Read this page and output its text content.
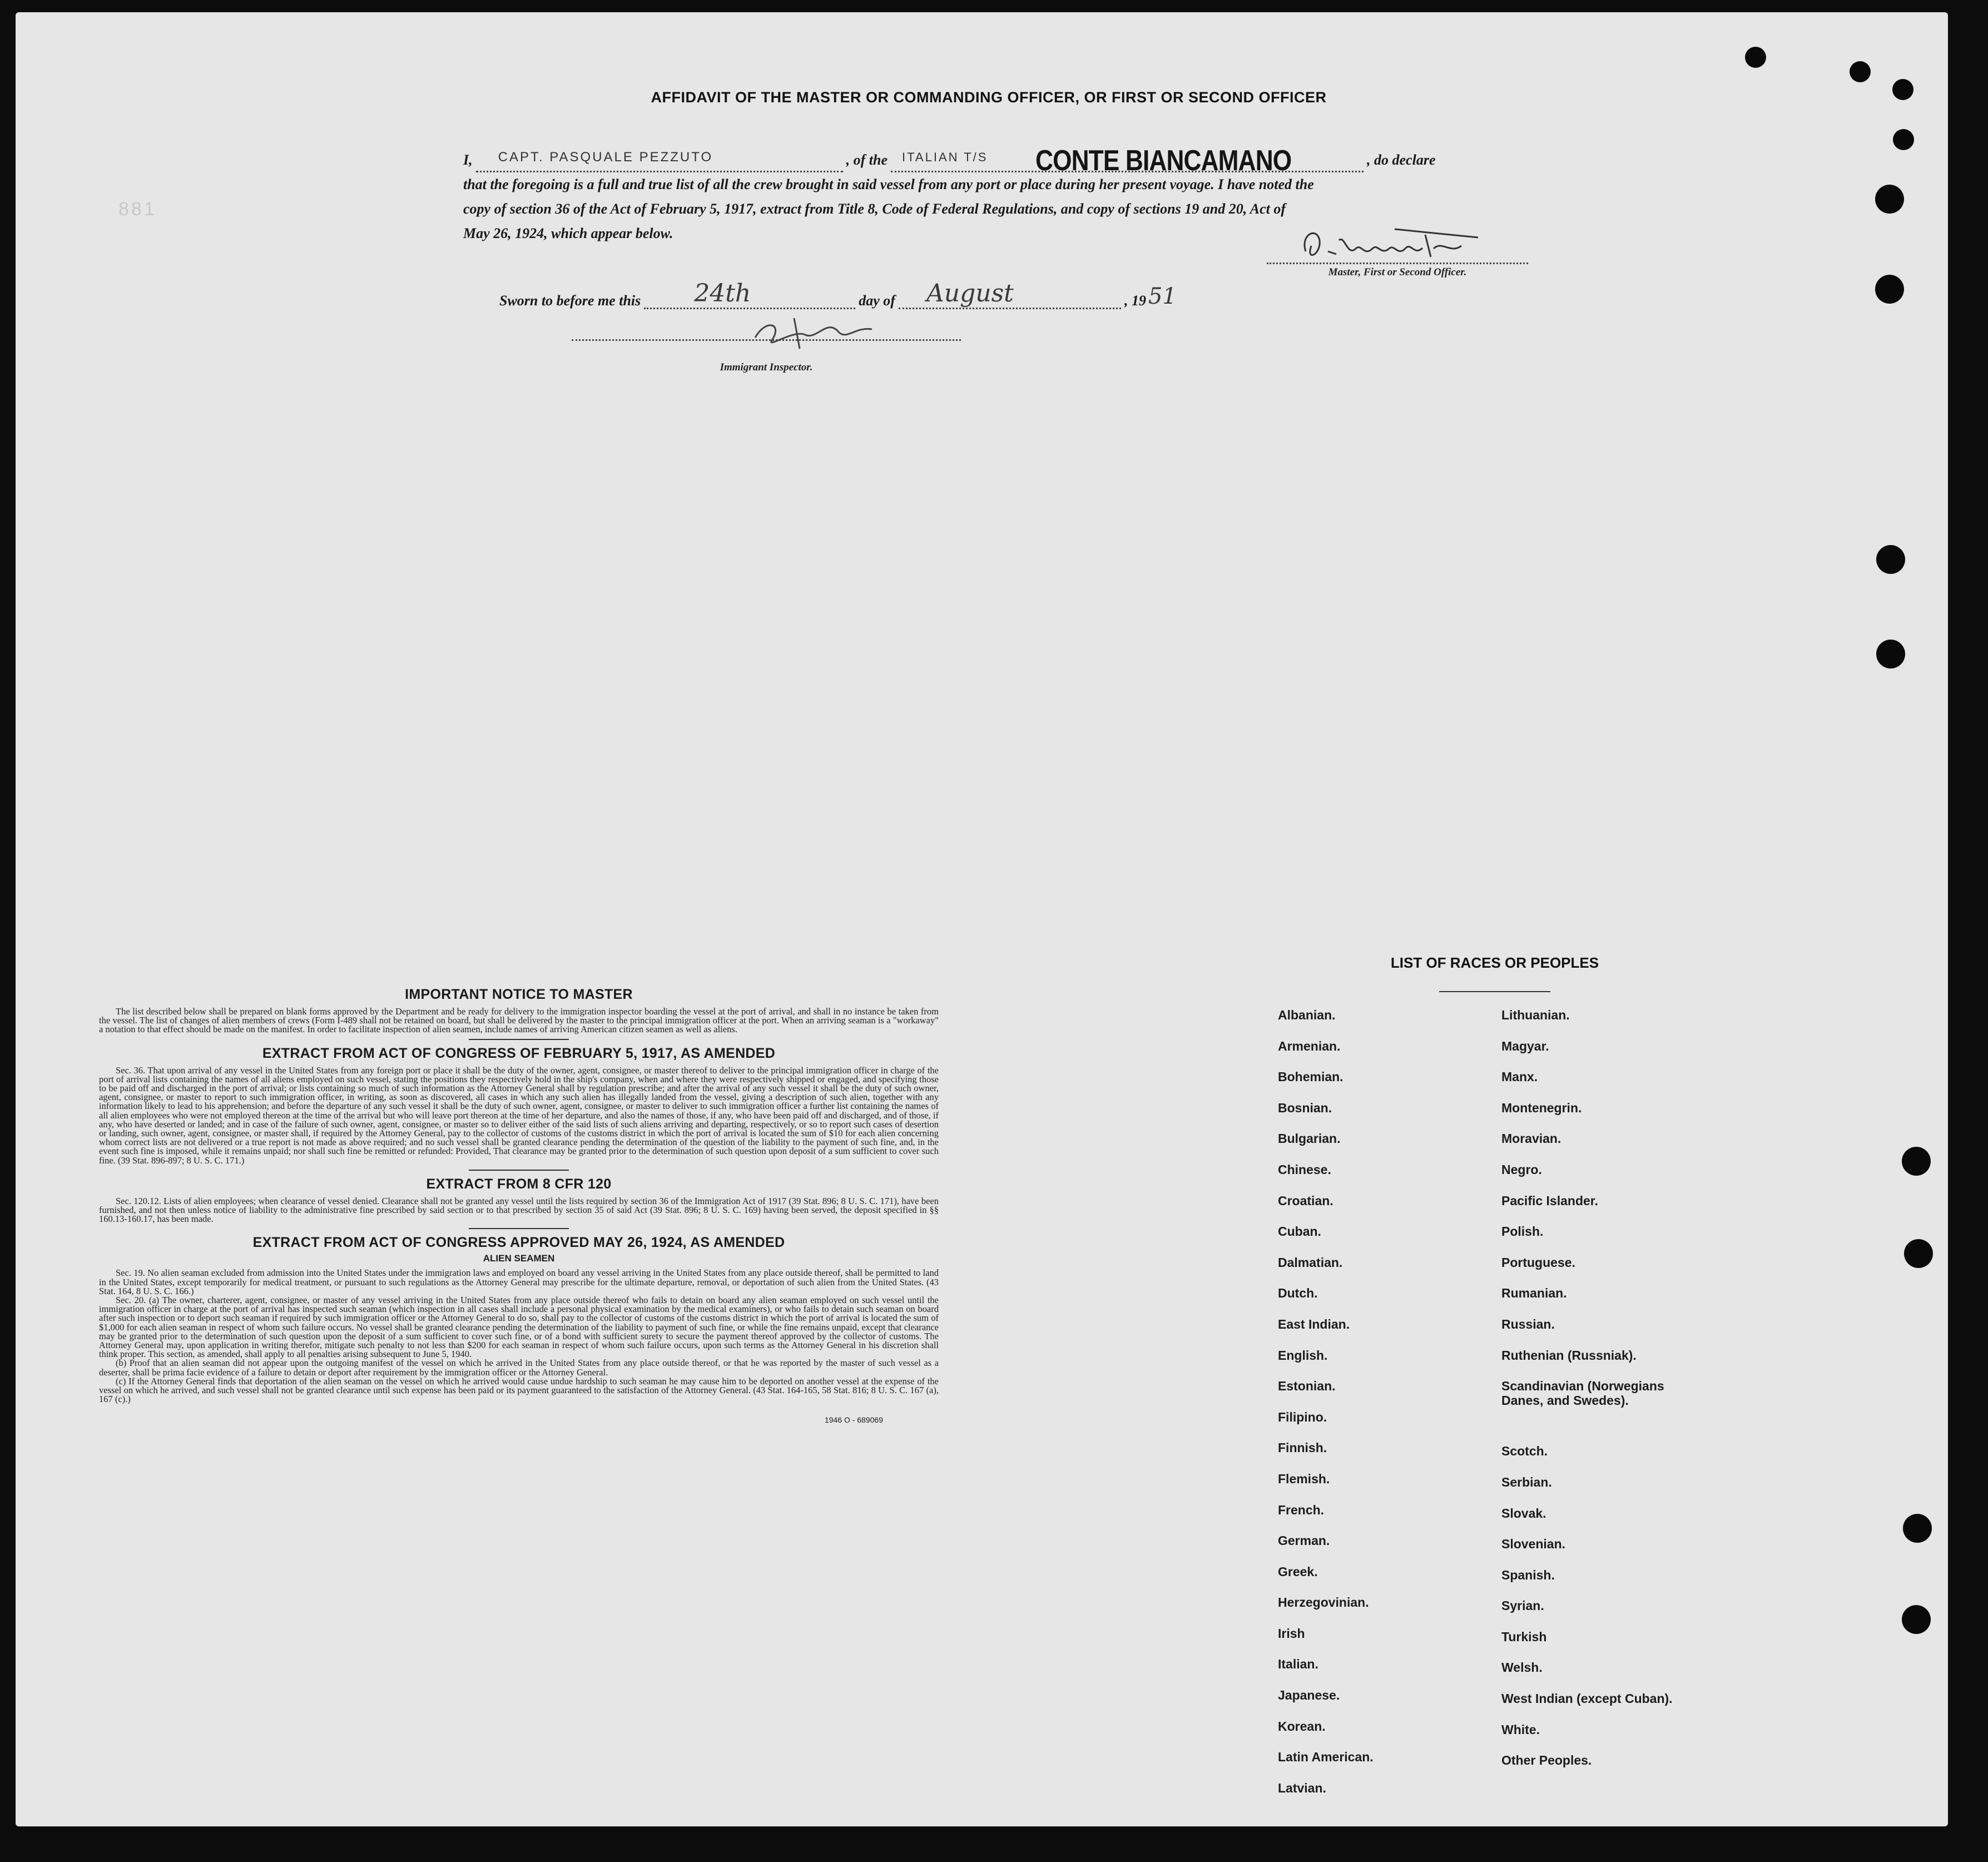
881
AFFIDAVIT OF THE MASTER OR COMMANDING OFFICER, OR FIRST OR SECOND OFFICER
I, CAPT. PASQUALE PEZZUTO	, of the ITALIAN T/S CONTE BIANCAMANO	, do declare

that the foregoing is a full and true list of all the crew brought in said vessel from any port or place during her present voyage. I have noted the

copy of section 36 of the Act of February 5, 1917, extract from Title 8, Code of Federal Regulations, and copy of sections 19 and 20, Act of

May 26, 1924, which appear below.

Master, First or Second Officer.
Sworn to before me this 24th	day of August	, 19 51
Immigrant Inspector.
IMPORTANT NOTICE TO MASTER

The list described below shall be prepared on blank forms approved by the Department and be ready for delivery to the immigration inspector boarding the vessel at the port of arrival, and shall in no instance be taken from the vessel. The list of changes of alien members of crews (Form I-489 shall not be retained on board, but shall be delivered by the master to the principal immigration officer at the port. When an arriving seaman is a "workaway" a notation to that effect should be made on the manifest. In order to facilitate inspection of alien seamen, include names of arriving American citizen seamen as well as aliens.

EXTRACT FROM ACT OF CONGRESS OF FEBRUARY 5, 1917, AS AMENDED

Sec. 36. That upon arrival of any vessel in the United States from any foreign port or place it shall be the duty of the owner, agent, consignee, or master thereof to deliver to the principal immigration officer in charge of the port of arrival lists containing the names of all aliens employed on such vessel, stating the positions they respectively hold in the ship's company, when and where they were respectively shipped or engaged, and specifying those to be paid off and discharged in the port of arrival; or lists containing so much of such information as the Attorney General shall by regulation prescribe; and after the arrival of any such vessel it shall be the duty of such owner, agent, consignee, or master to report to such immigration officer, in writing, as soon as discovered, all cases in which any such alien has illegally landed from the vessel, giving a description of such alien, together with any information likely to lead to his apprehension; and before the departure of any such vessel it shall be the duty of such owner, agent, consignee, or master to deliver to such immigration officer a further list containing the names of all alien employees who were not employed thereon at the time of the arrival but who will leave port thereon at the time of her departure, and also the names of those, if any, who have been paid off and discharged, and of those, if any, who have deserted or landed; and in case of the failure of such owner, agent, consignee, or master so to deliver either of the said lists of such aliens arriving and departing, respectively, or so to report such cases of desertion or landing, such owner, agent, consignee, or master shall, if required by the Attorney General, pay to the collector of customs of the customs district in which the port of arrival is located the sum of $10 for each alien concerning whom correct lists are not delivered or a true report is not made as above required; and no such vessel shall be granted clearance pending the determination of the question of the liability to the payment of such fine, and, in the event such fine is imposed, while it remains unpaid; nor shall such fine be remitted or refunded: Provided, That clearance may be granted prior to the determination of such question upon deposit of a sum sufficient to cover such fine. (39 Stat. 896-897; 8 U. S. C. 171.)

EXTRACT FROM 8 CFR 120

Sec. 120.12. Lists of alien employees; when clearance of vessel denied. Clearance shall not be granted any vessel until the lists required by section 36 of the Immigration Act of 1917 (39 Stat. 896; 8 U. S. C. 171), have been furnished, and not then unless notice of liability to the administrative fine prescribed by said section or to that prescribed by section 35 of said Act (39 Stat. 896; 8 U. S. C. 169) having been served, the deposit specified in §§ 160.13-160.17, has been made.

EXTRACT FROM ACT OF CONGRESS APPROVED MAY 26, 1924, AS AMENDED
ALIEN SEAMEN

Sec. 19. No alien seaman excluded from admission into the United States under the immigration laws and employed on board any vessel arriving in the United States from any place outside thereof, shall be permitted to land in the United States, except temporarily for medical treatment, or pursuant to such regulations as the Attorney General may prescribe for the ultimate departure, removal, or deportation of such alien from the United States. (43 Stat. 164, 8 U. S. C. 166.)

Sec. 20. (a) The owner, charterer, agent, consignee, or master of any vessel arriving in the United States from any place outside thereof who fails to detain on board any alien seaman employed on such vessel until the immigration officer in charge at the port of arrival has inspected such seaman (which inspection in all cases shall include a personal physical examination by the medical examiners), or who fails to detain such seaman on board after such inspection or to deport such seaman if required by such immigration officer or the Attorney General to do so, shall pay to the collector of customs of the customs district in which the port of arrival is located the sum of $1,000 for each alien seaman in respect of whom such failure occurs. No vessel shall be granted clearance pending the determination of the liability to payment of such fine, or while the fine remains unpaid, except that clearance may be granted prior to the determination of such question upon the deposit of a sum sufficient to cover such fine, or of a bond with sufficient surety to secure the payment thereof approved by the collector of customs. The Attorney General may, upon application in writing therefor, mitigate such penalty to not less than $200 for each seaman in respect of whom such failure occurs, upon such terms as the Attorney General in his discretion shall think proper. This section, as amended, shall apply to all penalties arising subsequent to June 5, 1940.

(b) Proof that an alien seaman did not appear upon the outgoing manifest of the vessel on which he arrived in the United States from any place outside thereof, or that he was reported by the master of such vessel as a deserter, shall be prima facie evidence of a failure to detain or deport after requirement by the immigration officer or the Attorney General.

(c) If the Attorney General finds that deportation of the alien seaman on the vessel on which he arrived would cause undue hardship to such seaman he may cause him to be deported on another vessel at the expense of the vessel on which he arrived, and such vessel shall not be granted clearance until such expense has been paid or its payment guaranteed to the satisfaction of the Attorney General. (43 Stat. 164-165, 58 Stat. 816; 8 U. S. C. 167 (a), 167 (c).)

1946 O - 689069
LIST OF RACES OR PEOPLES
Albanian.
Armenian.
Bohemian.
Bosnian.
Bulgarian.
Chinese.
Croatian.
Cuban.
Dalmatian.
Dutch.
East Indian.
English.
Estonian.
Filipino.
Finnish.
Flemish.
French.
German.
Greek.
Herzegovinian.
Irish
Italian.
Japanese.
Korean.
Latin American.
Latvian.
Lithuanian.
Magyar.
Manx.
Montenegrin.
Moravian.
Negro.
Pacific Islander.
Polish.
Portuguese.
Rumanian.
Russian.
Ruthenian (Russniak).
Scandinavian (Norwegians Danes, and Swedes).
Scotch.
Serbian.
Slovak.
Slovenian.
Spanish.
Syrian.
Turkish
Welsh.
West Indian (except Cuban).
White.
Other Peoples.
